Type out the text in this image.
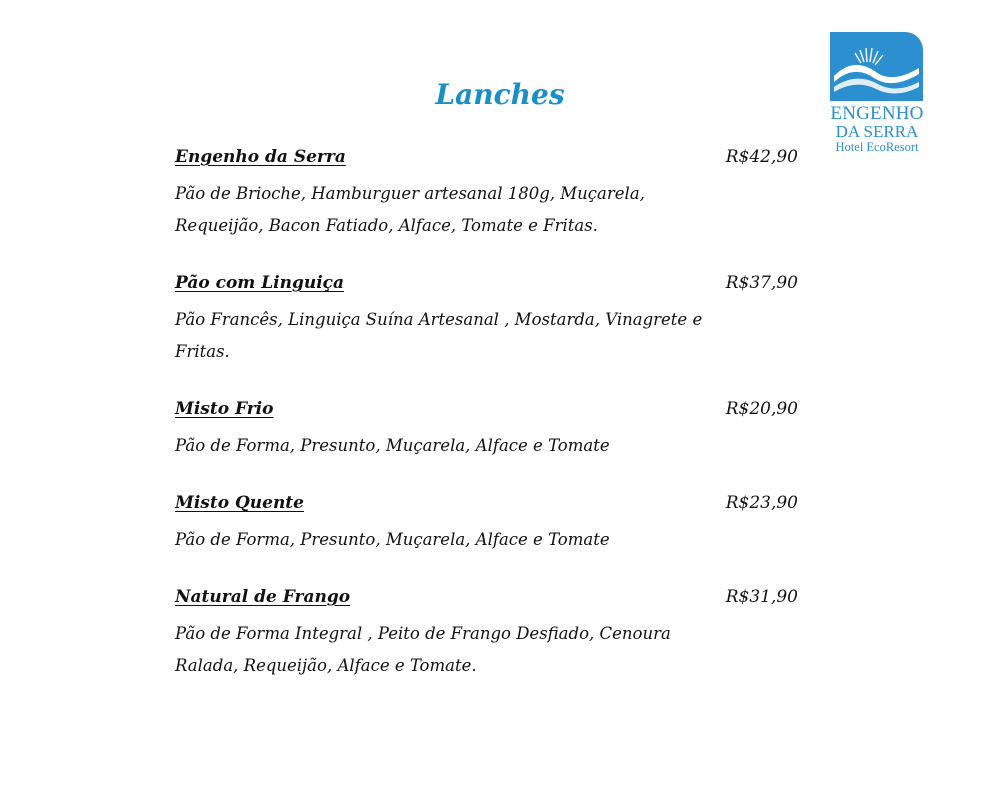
Lanches
ENGENHO
DA SERRA
Hotel EcoResort
Engenho da Serra	R$42,90

Pão de Brioche, Hamburguer artesanal 180g, Muçarela,
Requeijão, Bacon Fatiado, Alface, Tomate e Fritas.

Pão com Linguiça	R$37,90

Pão Francês, Linguiça Suína Artesanal , Mostarda, Vinagrete e
Fritas.

Misto Frio	R$20,90

Pão de Forma, Presunto, Muçarela, Alface e Tomate

Misto Quente	R$23,90

Pão de Forma, Presunto, Muçarela, Alface e Tomate

Natural de Frango	R$31,90

Pão de Forma Integral , Peito de Frango Desfiado, Cenoura
Ralada, Requeijão, Alface e Tomate.
